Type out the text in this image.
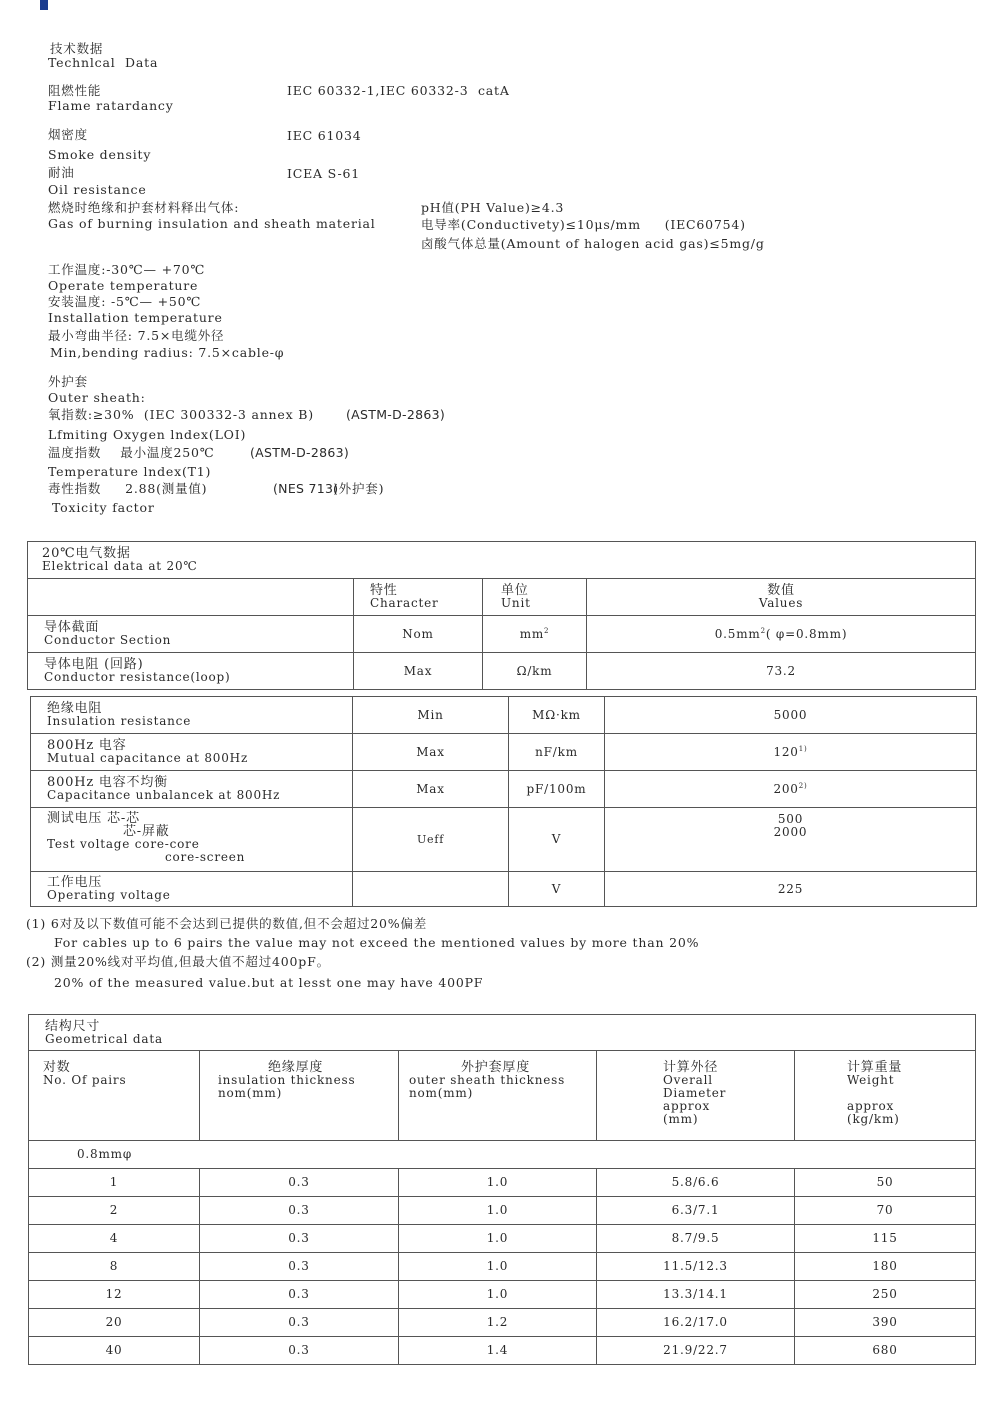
技术数据
Technlcal  Data
阻燃性能
Flame ratardancy
IEC 60332-1,IEC 60332-3  catA
烟密度
Smoke density
IEC 61034
耐油
Oil resistance
ICEA S-61
燃烧时绝缘和护套材料释出气体:
Gas of burning insulation and sheath material
pH值(PH Value)≥4.3
电导率(Conductivety)≤10μs/mm     (IEC60754)
卤酸气体总量(Amount of halogen acid gas)≤5mg/g
工作温度:-30℃— +70℃
Operate temperature
安装温度: -5℃— +50℃
Installation temperature
最小弯曲半径: 7.5×电缆外径
Min,bending radius: 7.5×cable-φ
外护套
Outer sheath:
氧指数:≥30%  (IEC 300332-3 annex B)	(ASTM-D-2863)
Lfmiting Oxygen lndex(LOI)
温度指数    最小温度250℃	(ASTM-D-2863)
Temperature lndex(T1)
毒性指数     2.88(测量值)	(NES 713)
(外护套)
Toxicity factor
20℃电气数据
Elektrical data at 20℃			

	特性
Character	单位
Unit	数值
Values

导体截面
Conductor Section	Nom	$mm^2$	$0.5mm^2$( φ=0.8mm)

导体电阻 (回路)
Conductor resistance(loop)	Max	Ω/km	73.2
绝缘电阻
Insulation resistance	Min	MΩ·km	5000

800Hz 电容
Mutual capacitance at 800Hz	Max	nF/km	120$^{1)}$

800Hz 电容不均衡
Capacitance unbalancek at 800Hz	Max	pF/100m	200$^{2)}$

测试电压 芯-芯
芯-屏蔽
Test voltage core-core
core-screen	Ueff	V	500
2000

工作电压
Operating voltage		V	225
(1) 6对及以下数值可能不会达到已提供的数值,但不会超过20%偏差
For cables up to 6 pairs the value may not exceed the mentioned values by more than 20%
(2) 测量20%线对平均值,但最大值不超过400pF。
20% of the measured value.but at lesst one may have 400PF
结构尺寸
Geometrical data				

对数
No. Of pairs	绝缘厚度
insulation thickness
nom(mm)	外护套厚度
outer sheath thickness
nom(mm)	计算外径
Overall
Diameter
approx
(mm)	计算重量
Weight

approx
(kg/km)

0.8mmφ				
1	0.3	1.0	5.8/6.6	50
2	0.3	1.0	6.3/7.1	70
4	0.3	1.0	8.7/9.5	115
8	0.3	1.0	11.5/12.3	180
12	0.3	1.0	13.3/14.1	250
20	0.3	1.2	16.2/17.0	390
40	0.3	1.4	21.9/22.7	680
